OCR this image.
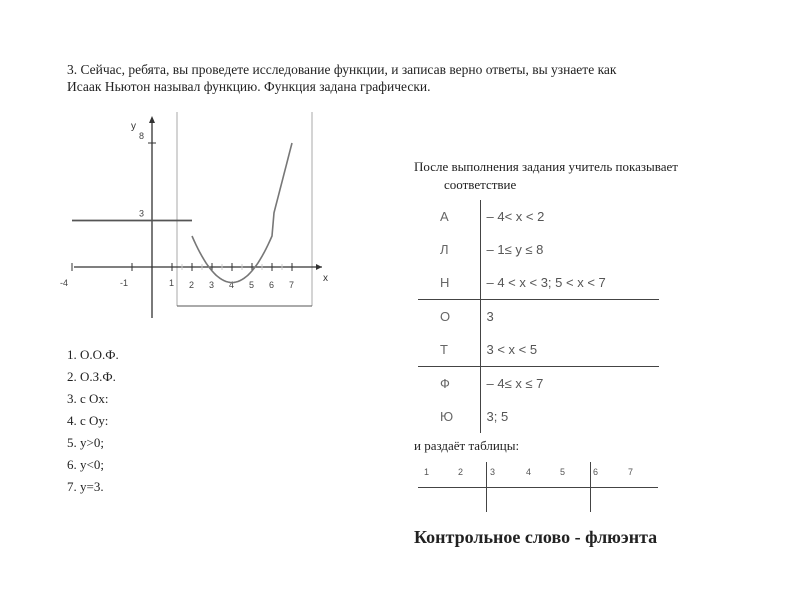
3. Сейчас, ребята, вы проведете исследование функции, и записав верно ответы, вы узнаете как
Исаак Ньютон называл функцию. Функция задана графически.
x
y
-4	-1	1 2 3 4 5 6 7
8
3
1. О.О.Ф.
2. О.З.Ф.
3. с Ох:
4. с Оу:
5. y>0;
6. y<0;
7. y=3.
После выполнения задания учитель показывает
соответствие
А	– 4< x < 2
Л	– 1≤ y ≤ 8
Н	– 4 < x < 3; 5 < x < 7
О	3
Т	3 < x < 5
Ф	– 4≤ x ≤ 7
Ю	3; 5
и раздаёт таблицы:
1	2	3	4	5	6	7
Контрольное слово - флюэнта
